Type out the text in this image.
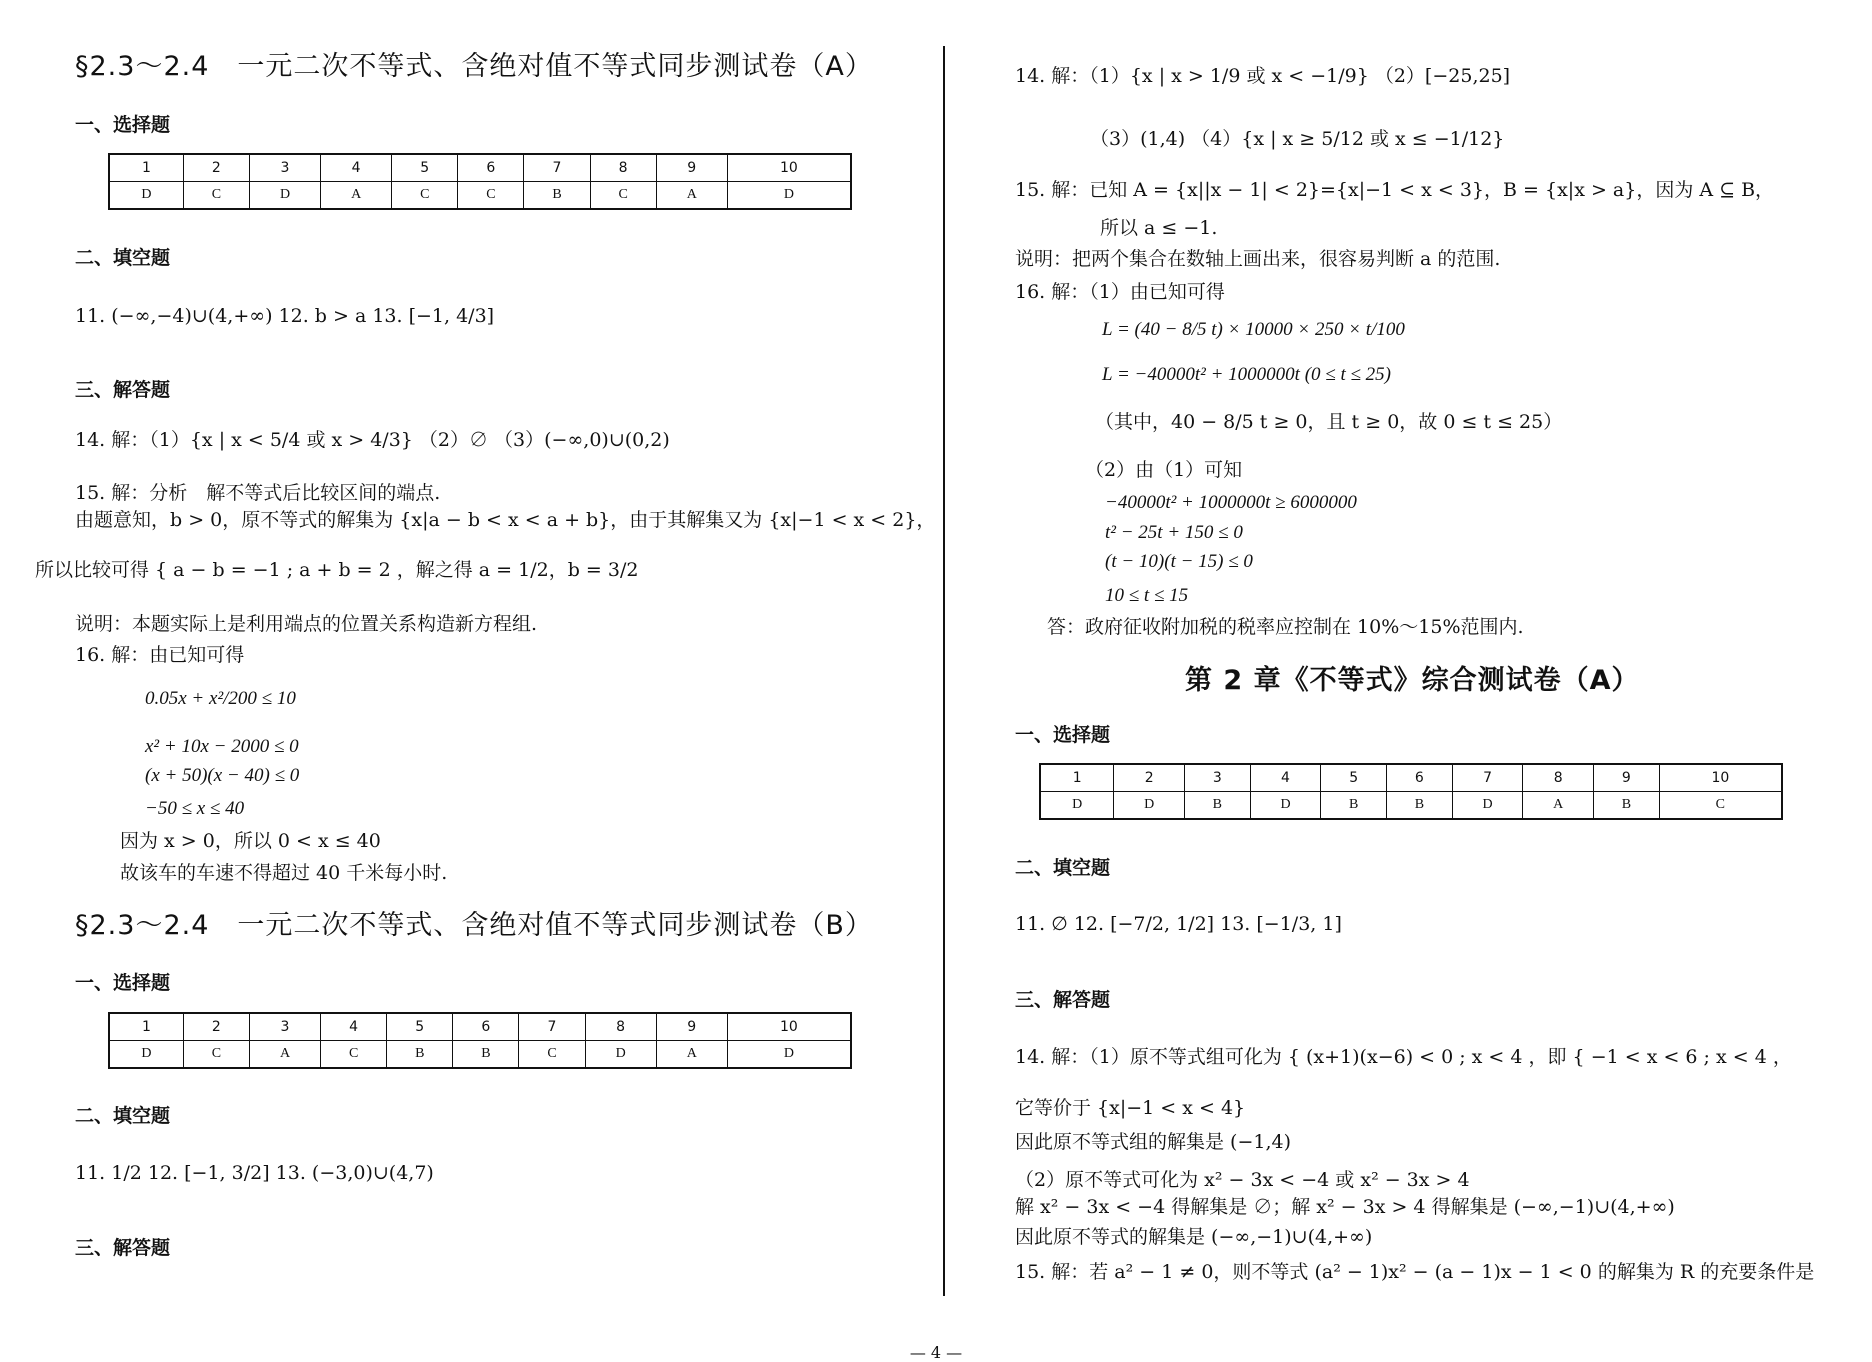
§2.3～2.4　一元二次不等式、含绝对值不等式同步测试卷（A）
一、选择题
1	2	3	4	5	6	7	8	9	10
D	C	D	A	C	C	B	C	A	D
二、填空题
11. (−∞,−4)∪(4,+∞) 12. b > a 13. [−1, 4/3]
三、解答题
14. 解：（1）{x | x < 5/4 或 x > 4/3} （2）∅ （3）(−∞,0)∪(0,2)
15. 解：分析　解不等式后比较区间的端点.
由题意知，b > 0，原不等式的解集为 {x|a − b < x < a + b}，由于其解集又为 {x|−1 < x < 2}，
所以比较可得 { a − b = −1 ; a + b = 2 ，解之得 a = 1/2，b = 3/2
说明：本题实际上是利用端点的位置关系构造新方程组.
16. 解：由已知可得
0.05x + x²/200 ≤ 10
x² + 10x − 2000 ≤ 0
(x + 50)(x − 40) ≤ 0
−50 ≤ x ≤ 40
因为 x > 0，所以 0 < x ≤ 40
故该车的车速不得超过 40 千米每小时.
§2.3～2.4　一元二次不等式、含绝对值不等式同步测试卷（B）
一、选择题
1	2	3	4	5	6	7	8	9	10
D	C	A	C	B	B	C	D	A	D
二、填空题
11. 1/2 12. [−1, 3/2] 13. (−3,0)∪(4,7)
三、解答题
14. 解：（1）{x | x > 1/9 或 x < −1/9} （2）[−25,25]
（3）(1,4) （4）{x | x ≥ 5/12 或 x ≤ −1/12}
15. 解：已知 A = {x||x − 1| < 2}={x|−1 < x < 3}，B = {x|x > a}，因为 A ⊆ B，
所以 a ≤ −1.
说明：把两个集合在数轴上画出来，很容易判断 a 的范围.
16. 解：（1）由已知可得
L = (40 − 8/5 t) × 10000 × 250 × t/100
L = −40000t² + 1000000t (0 ≤ t ≤ 25)
（其中，40 − 8/5 t ≥ 0，且 t ≥ 0，故 0 ≤ t ≤ 25）
（2）由（1）可知
−40000t² + 1000000t ≥ 6000000
t² − 25t + 150 ≤ 0
(t − 10)(t − 15) ≤ 0
10 ≤ t ≤ 15
答：政府征收附加税的税率应控制在 10%～15%范围内.
第 2 章《不等式》综合测试卷（A）
一、选择题
1	2	3	4	5	6	7	8	9	10
D	D	B	D	B	B	D	A	B	C
二、填空题
11. ∅ 12. [−7/2, 1/2] 13. [−1/3, 1]
三、解答题
14. 解：（1）原不等式组可化为 { (x+1)(x−6) < 0 ; x < 4 ，即 { −1 < x < 6 ; x < 4 ，
它等价于 {x|−1 < x < 4}
因此原不等式组的解集是 (−1,4)
（2）原不等式可化为 x² − 3x < −4 或 x² − 3x > 4
解 x² − 3x < −4 得解集是 ∅；解 x² − 3x > 4 得解集是 (−∞,−1)∪(4,+∞)
因此原不等式的解集是 (−∞,−1)∪(4,+∞)
15. 解：若 a² − 1 ≠ 0，则不等式 (a² − 1)x² − (a − 1)x − 1 < 0 的解集为 R 的充要条件是
— 4 —
